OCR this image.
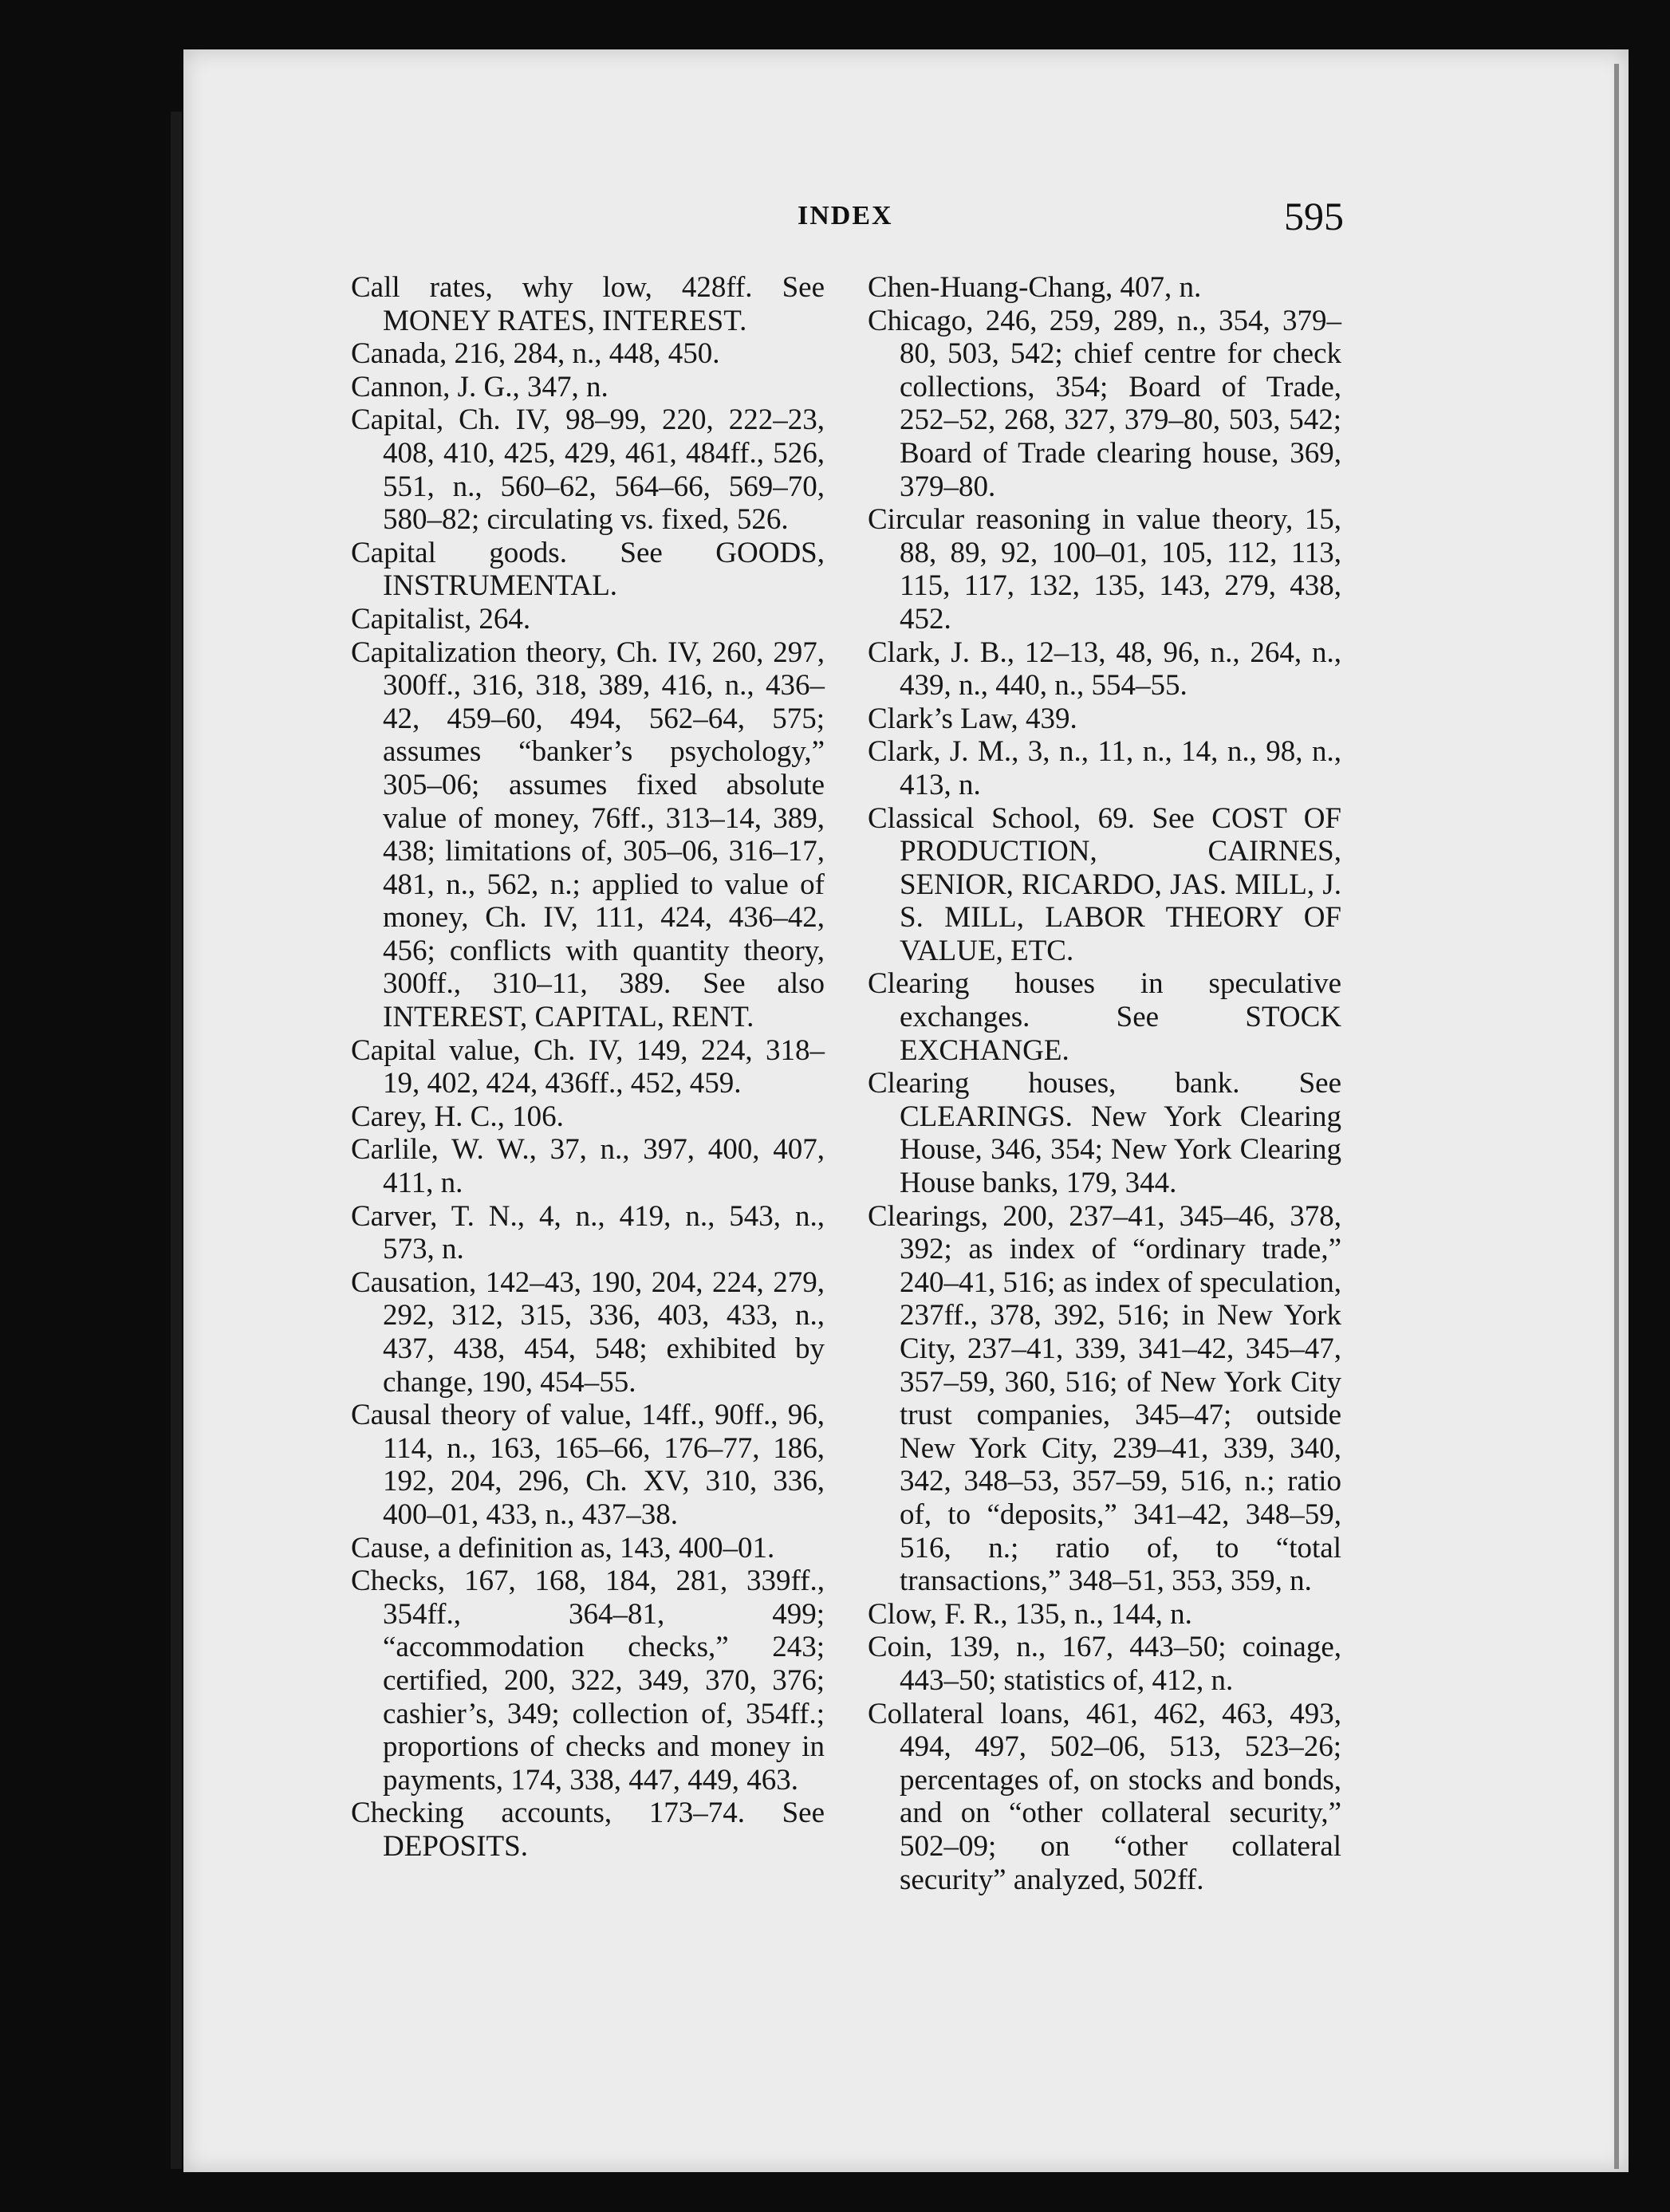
INDEX	595

Call rates, why low, 428ff. See MONEY RATES, INTEREST.

Canada, 216, 284, n., 448, 450.

Cannon, J. G., 347, n.

Capital, Ch. IV, 98–99, 220, 222–23, 408, 410, 425, 429, 461, 484ff., 526, 551, n., 560–62, 564–66, 569–70, 580–82; circulating vs. fixed, 526.

Capital goods. See GOODS, INSTRUMENTAL.

Capitalist, 264.

Capitalization theory, Ch. IV, 260, 297, 300ff., 316, 318, 389, 416, n., 436–42, 459–60, 494, 562–64, 575; assumes “banker’s psychology,” 305–06; assumes fixed absolute value of money, 76ff., 313–14, 389, 438; limitations of, 305–06, 316–17, 481, n., 562, n.; applied to value of money, Ch. IV, 111, 424, 436–42, 456; conflicts with quantity theory, 300ff., 310–11, 389. See also INTEREST, CAPITAL, RENT.

Capital value, Ch. IV, 149, 224, 318–19, 402, 424, 436ff., 452, 459.

Carey, H. C., 106.

Carlile, W. W., 37, n., 397, 400, 407, 411, n.

Carver, T. N., 4, n., 419, n., 543, n., 573, n.

Causation, 142–43, 190, 204, 224, 279, 292, 312, 315, 336, 403, 433, n., 437, 438, 454, 548; exhibited by change, 190, 454–55.

Causal theory of value, 14ff., 90ff., 96, 114, n., 163, 165–66, 176–77, 186, 192, 204, 296, Ch. XV, 310, 336, 400–01, 433, n., 437–38.

Cause, a definition as, 143, 400–01.

Checks, 167, 168, 184, 281, 339ff., 354ff., 364–81, 499; “accommodation checks,” 243; certified, 200, 322, 349, 370, 376; cashier’s, 349; collection of, 354ff.; proportions of checks and money in payments, 174, 338, 447, 449, 463.

Checking accounts, 173–74. See DEPOSITS.

Chen-Huang-Chang, 407, n.

Chicago, 246, 259, 289, n., 354, 379–80, 503, 542; chief centre for check collections, 354; Board of Trade, 252–52, 268, 327, 379–80, 503, 542; Board of Trade clearing house, 369, 379–80.

Circular reasoning in value theory, 15, 88, 89, 92, 100–01, 105, 112, 113, 115, 117, 132, 135, 143, 279, 438, 452.

Clark, J. B., 12–13, 48, 96, n., 264, n., 439, n., 440, n., 554–55.

Clark’s Law, 439.

Clark, J. M., 3, n., 11, n., 14, n., 98, n., 413, n.

Classical School, 69. See COST OF PRODUCTION, CAIRNES, SENIOR, RICARDO, JAS. MILL, J. S. MILL, LABOR THEORY OF VALUE, ETC.

Clearing houses in speculative exchanges. See STOCK EXCHANGE.

Clearing houses, bank. See CLEARINGS. New York Clearing House, 346, 354; New York Clearing House banks, 179, 344.

Clearings, 200, 237–41, 345–46, 378, 392; as index of “ordinary trade,” 240–41, 516; as index of speculation, 237ff., 378, 392, 516; in New York City, 237–41, 339, 341–42, 345–47, 357–59, 360, 516; of New York City trust companies, 345–47; outside New York City, 239–41, 339, 340, 342, 348–53, 357–59, 516, n.; ratio of, to “deposits,” 341–42, 348–59, 516, n.; ratio of, to “total transactions,” 348–51, 353, 359, n.

Clow, F. R., 135, n., 144, n.

Coin, 139, n., 167, 443–50; coinage, 443–50; statistics of, 412, n.

Collateral loans, 461, 462, 463, 493, 494, 497, 502–06, 513, 523–26; percentages of, on stocks and bonds, and on “other collateral security,” 502–09; on “other collateral security” analyzed, 502ff.
